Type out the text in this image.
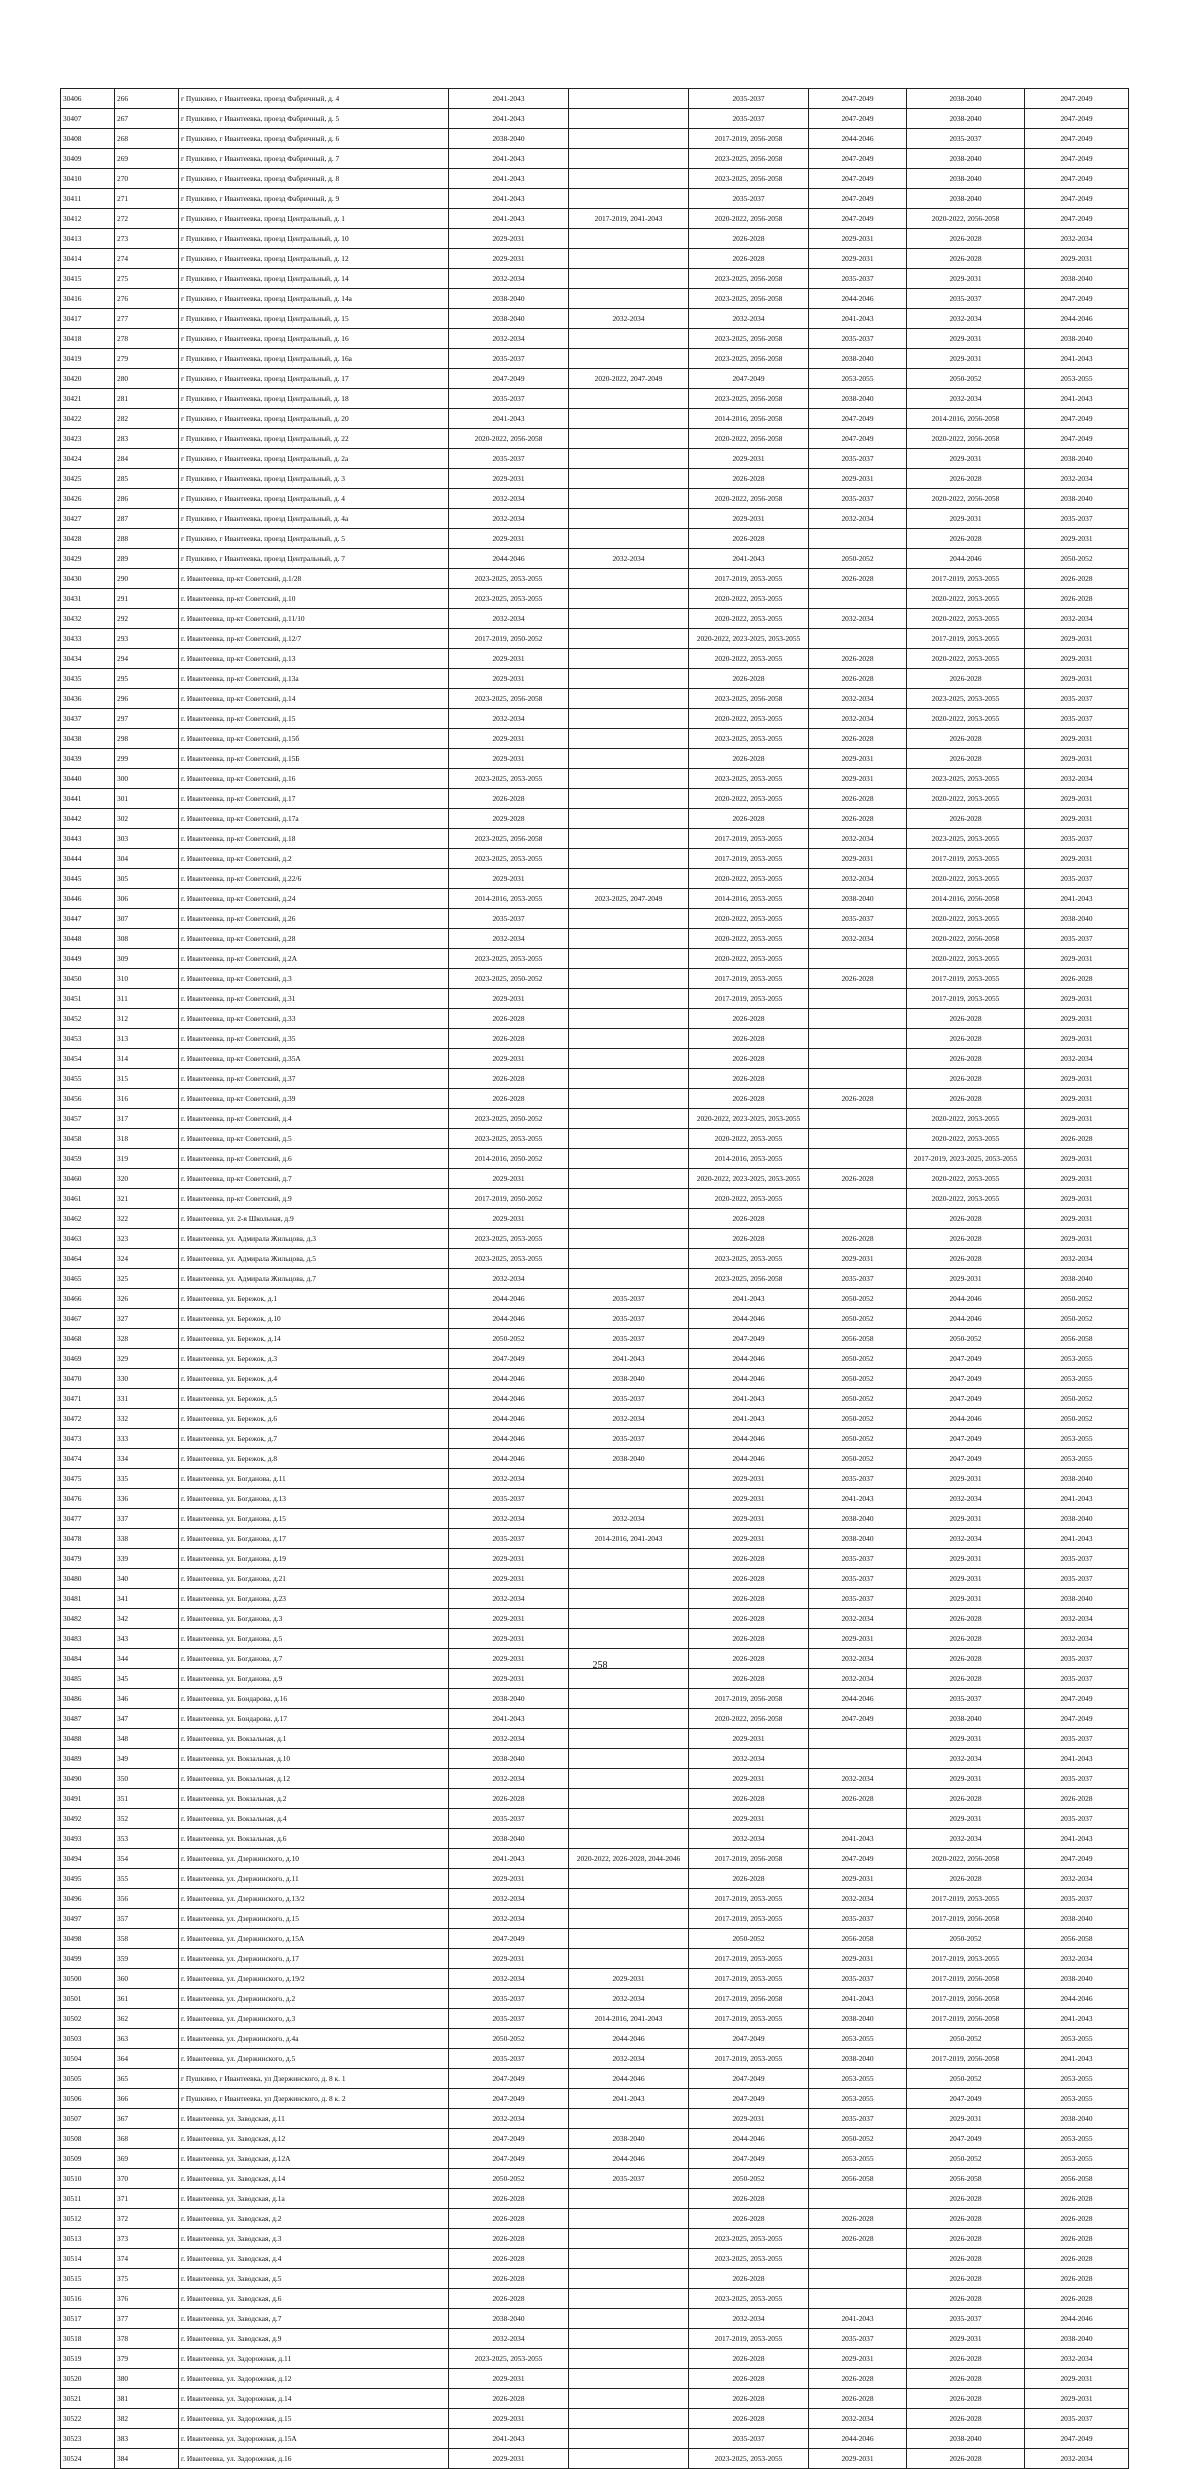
30406	266	г Пушкино, г Ивантеевка, проезд Фабричный, д. 4	2041-2043		2035-2037	2047-2049	2038-2040	2047-2049
30407	267	г Пушкино, г Ивантеевка, проезд Фабричный, д. 5	2041-2043		2035-2037	2047-2049	2038-2040	2047-2049
30408	268	г Пушкино, г Ивантеевка, проезд Фабричный, д. 6	2038-2040		2017-2019, 2056-2058	2044-2046	2035-2037	2047-2049
30409	269	г Пушкино, г Ивантеевка, проезд Фабричный, д. 7	2041-2043		2023-2025, 2056-2058	2047-2049	2038-2040	2047-2049
30410	270	г Пушкино, г Ивантеевка, проезд Фабричный, д. 8	2041-2043		2023-2025, 2056-2058	2047-2049	2038-2040	2047-2049
30411	271	г Пушкино, г Ивантеевка, проезд Фабричный, д. 9	2041-2043		2035-2037	2047-2049	2038-2040	2047-2049
30412	272	г Пушкино, г Ивантеевка, проезд Центральный, д. 1	2041-2043	2017-2019, 2041-2043	2020-2022, 2056-2058	2047-2049	2020-2022, 2056-2058	2047-2049
30413	273	г Пушкино, г Ивантеевка, проезд Центральный, д. 10	2029-2031		2026-2028	2029-2031	2026-2028	2032-2034
30414	274	г Пушкино, г Ивантеевка, проезд Центральный, д. 12	2029-2031		2026-2028	2029-2031	2026-2028	2029-2031
30415	275	г Пушкино, г Ивантеевка, проезд Центральный, д. 14	2032-2034		2023-2025, 2056-2058	2035-2037	2029-2031	2038-2040
30416	276	г Пушкино, г Ивантеевка, проезд Центральный, д. 14а	2038-2040		2023-2025, 2056-2058	2044-2046	2035-2037	2047-2049
30417	277	г Пушкино, г Ивантеевка, проезд Центральный, д. 15	2038-2040	2032-2034	2032-2034	2041-2043	2032-2034	2044-2046
30418	278	г Пушкино, г Ивантеевка, проезд Центральный, д. 16	2032-2034		2023-2025, 2056-2058	2035-2037	2029-2031	2038-2040
30419	279	г Пушкино, г Ивантеевка, проезд Центральный, д. 16а	2035-2037		2023-2025, 2056-2058	2038-2040	2029-2031	2041-2043
30420	280	г Пушкино, г Ивантеевка, проезд Центральный, д. 17	2047-2049	2020-2022, 2047-2049	2047-2049	2053-2055	2050-2052	2053-2055
30421	281	г Пушкино, г Ивантеевка, проезд Центральный, д. 18	2035-2037		2023-2025, 2056-2058	2038-2040	2032-2034	2041-2043
30422	282	г Пушкино, г Ивантеевка, проезд Центральный, д. 20	2041-2043		2014-2016, 2056-2058	2047-2049	2014-2016, 2056-2058	2047-2049
30423	283	г Пушкино, г Ивантеевка, проезд Центральный, д. 22	2020-2022, 2056-2058		2020-2022, 2056-2058	2047-2049	2020-2022, 2056-2058	2047-2049
30424	284	г Пушкино, г Ивантеевка, проезд Центральный, д. 2а	2035-2037		2029-2031	2035-2037	2029-2031	2038-2040
30425	285	г Пушкино, г Ивантеевка, проезд Центральный, д. 3	2029-2031		2026-2028	2029-2031	2026-2028	2032-2034
30426	286	г Пушкино, г Ивантеевка, проезд Центральный, д. 4	2032-2034		2020-2022, 2056-2058	2035-2037	2020-2022, 2056-2058	2038-2040
30427	287	г Пушкино, г Ивантеевка, проезд Центральный, д. 4а	2032-2034		2029-2031	2032-2034	2029-2031	2035-2037
30428	288	г Пушкино, г Ивантеевка, проезд Центральный, д. 5	2029-2031		2026-2028		2026-2028	2029-2031
30429	289	г Пушкино, г Ивантеевка, проезд Центральный, д. 7	2044-2046	2032-2034	2041-2043	2050-2052	2044-2046	2050-2052
30430	290	г. Ивантеевка, пр-кт Советский, д.1/28	2023-2025, 2053-2055		2017-2019, 2053-2055	2026-2028	2017-2019, 2053-2055	2026-2028
30431	291	г. Ивантеевка, пр-кт Советский, д.10	2023-2025, 2053-2055		2020-2022, 2053-2055		2020-2022, 2053-2055	2026-2028
30432	292	г. Ивантеевка, пр-кт Советский, д.11/10	2032-2034		2020-2022, 2053-2055	2032-2034	2020-2022, 2053-2055	2032-2034
30433	293	г. Ивантеевка, пр-кт Советский, д.12/7	2017-2019, 2050-2052		2020-2022, 2023-2025, 2053-2055		2017-2019, 2053-2055	2029-2031
30434	294	г. Ивантеевка, пр-кт Советский, д.13	2029-2031		2020-2022, 2053-2055	2026-2028	2020-2022, 2053-2055	2029-2031
30435	295	г. Ивантеевка, пр-кт Советский, д.13а	2029-2031		2026-2028	2026-2028	2026-2028	2029-2031
30436	296	г. Ивантеевка, пр-кт Советский, д.14	2023-2025, 2056-2058		2023-2025, 2056-2058	2032-2034	2023-2025, 2053-2055	2035-2037
30437	297	г. Ивантеевка, пр-кт Советский, д.15	2032-2034		2020-2022, 2053-2055	2032-2034	2020-2022, 2053-2055	2035-2037
30438	298	г. Ивантеевка, пр-кт Советский, д.15б	2029-2031		2023-2025, 2053-2055	2026-2028	2026-2028	2029-2031
30439	299	г. Ивантеевка, пр-кт Советский, д.15Б	2029-2031		2026-2028	2029-2031	2026-2028	2029-2031
30440	300	г. Ивантеевка, пр-кт Советский, д.16	2023-2025, 2053-2055		2023-2025, 2053-2055	2029-2031	2023-2025, 2053-2055	2032-2034
30441	301	г. Ивантеевка, пр-кт Советский, д.17	2026-2028		2020-2022, 2053-2055	2026-2028	2020-2022, 2053-2055	2029-2031
30442	302	г. Ивантеевка, пр-кт Советский, д.17а	2029-2028		2026-2028	2026-2028	2026-2028	2029-2031
30443	303	г. Ивантеевка, пр-кт Советский, д.18	2023-2025, 2056-2058		2017-2019, 2053-2055	2032-2034	2023-2025, 2053-2055	2035-2037
30444	304	г. Ивантеевка, пр-кт Советский, д.2	2023-2025, 2053-2055		2017-2019, 2053-2055	2029-2031	2017-2019, 2053-2055	2029-2031
30445	305	г. Ивантеевка, пр-кт Советский, д.22/6	2029-2031		2020-2022, 2053-2055	2032-2034	2020-2022, 2053-2055	2035-2037
30446	306	г. Ивантеевка, пр-кт Советский, д.24	2014-2016, 2053-2055	2023-2025, 2047-2049	2014-2016, 2053-2055	2038-2040	2014-2016, 2056-2058	2041-2043
30447	307	г. Ивантеевка, пр-кт Советский, д.26	2035-2037		2020-2022, 2053-2055	2035-2037	2020-2022, 2053-2055	2038-2040
30448	308	г. Ивантеевка, пр-кт Советский, д.28	2032-2034		2020-2022, 2053-2055	2032-2034	2020-2022, 2056-2058	2035-2037
30449	309	г. Ивантеевка, пр-кт Советский, д.2А	2023-2025, 2053-2055		2020-2022, 2053-2055		2020-2022, 2053-2055	2029-2031
30450	310	г. Ивантеевка, пр-кт Советский, д.3	2023-2025, 2050-2052		2017-2019, 2053-2055	2026-2028	2017-2019, 2053-2055	2026-2028
30451	311	г. Ивантеевка, пр-кт Советский, д.31	2029-2031		2017-2019, 2053-2055		2017-2019, 2053-2055	2029-2031
30452	312	г. Ивантеевка, пр-кт Советский, д.33	2026-2028		2026-2028		2026-2028	2029-2031
30453	313	г. Ивантеевка, пр-кт Советский, д.35	2026-2028		2026-2028		2026-2028	2029-2031
30454	314	г. Ивантеевка, пр-кт Советский, д.35А	2029-2031		2026-2028		2026-2028	2032-2034
30455	315	г. Ивантеевка, пр-кт Советский, д.37	2026-2028		2026-2028		2026-2028	2029-2031
30456	316	г. Ивантеевка, пр-кт Советский, д.39	2026-2028		2026-2028	2026-2028	2026-2028	2029-2031
30457	317	г. Ивантеевка, пр-кт Советский, д.4	2023-2025, 2050-2052		2020-2022, 2023-2025, 2053-2055		2020-2022, 2053-2055	2029-2031
30458	318	г. Ивантеевка, пр-кт Советский, д.5	2023-2025, 2053-2055		2020-2022, 2053-2055		2020-2022, 2053-2055	2026-2028
30459	319	г. Ивантеевка, пр-кт Советский, д.6	2014-2016, 2050-2052		2014-2016, 2053-2055		2017-2019, 2023-2025, 2053-2055	2029-2031
30460	320	г. Ивантеевка, пр-кт Советский, д.7	2029-2031		2020-2022, 2023-2025, 2053-2055	2026-2028	2020-2022, 2053-2055	2029-2031
30461	321	г. Ивантеевка, пр-кт Советский, д.9	2017-2019, 2050-2052		2020-2022, 2053-2055		2020-2022, 2053-2055	2029-2031
30462	322	г. Ивантеевка, ул. 2-я Школьная, д.9	2029-2031		2026-2028		2026-2028	2029-2031
30463	323	г. Ивантеевка, ул. Адмирала Жильцова, д.3	2023-2025, 2053-2055		2026-2028	2026-2028	2026-2028	2029-2031
30464	324	г. Ивантеевка, ул. Адмирала Жильцова, д.5	2023-2025, 2053-2055		2023-2025, 2053-2055	2029-2031	2026-2028	2032-2034
30465	325	г. Ивантеевка, ул. Адмирала Жильцова, д.7	2032-2034		2023-2025, 2056-2058	2035-2037	2029-2031	2038-2040
30466	326	г. Ивантеевка, ул. Бережок, д.1	2044-2046	2035-2037	2041-2043	2050-2052	2044-2046	2050-2052
30467	327	г. Ивантеевка, ул. Бережок, д.10	2044-2046	2035-2037	2044-2046	2050-2052	2044-2046	2050-2052
30468	328	г. Ивантеевка, ул. Бережок, д.14	2050-2052	2035-2037	2047-2049	2056-2058	2050-2052	2056-2058
30469	329	г. Ивантеевка, ул. Бережок, д.3	2047-2049	2041-2043	2044-2046	2050-2052	2047-2049	2053-2055
30470	330	г. Ивантеевка, ул. Бережок, д.4	2044-2046	2038-2040	2044-2046	2050-2052	2047-2049	2053-2055
30471	331	г. Ивантеевка, ул. Бережок, д.5	2044-2046	2035-2037	2041-2043	2050-2052	2047-2049	2050-2052
30472	332	г. Ивантеевка, ул. Бережок, д.6	2044-2046	2032-2034	2041-2043	2050-2052	2044-2046	2050-2052
30473	333	г. Ивантеевка, ул. Бережок, д.7	2044-2046	2035-2037	2044-2046	2050-2052	2047-2049	2053-2055
30474	334	г. Ивантеевка, ул. Бережок, д.8	2044-2046	2038-2040	2044-2046	2050-2052	2047-2049	2053-2055
30475	335	г. Ивантеевка, ул. Богданова, д.11	2032-2034		2029-2031	2035-2037	2029-2031	2038-2040
30476	336	г. Ивантеевка, ул. Богданова, д.13	2035-2037		2029-2031	2041-2043	2032-2034	2041-2043
30477	337	г. Ивантеевка, ул. Богданова, д.15	2032-2034	2032-2034	2029-2031	2038-2040	2029-2031	2038-2040
30478	338	г. Ивантеевка, ул. Богданова, д.17	2035-2037	2014-2016, 2041-2043	2029-2031	2038-2040	2032-2034	2041-2043
30479	339	г. Ивантеевка, ул. Богданова, д.19	2029-2031		2026-2028	2035-2037	2029-2031	2035-2037
30480	340	г. Ивантеевка, ул. Богданова, д.21	2029-2031		2026-2028	2035-2037	2029-2031	2035-2037
30481	341	г. Ивантеевка, ул. Богданова, д.23	2032-2034		2026-2028	2035-2037	2029-2031	2038-2040
30482	342	г. Ивантеевка, ул. Богданова, д.3	2029-2031		2026-2028	2032-2034	2026-2028	2032-2034
30483	343	г. Ивантеевка, ул. Богданова, д.5	2029-2031		2026-2028	2029-2031	2026-2028	2032-2034
30484	344	г. Ивантеевка, ул. Богданова, д.7	2029-2031		2026-2028	2032-2034	2026-2028	2035-2037
30485	345	г. Ивантеевка, ул. Богданова, д.9	2029-2031		2026-2028	2032-2034	2026-2028	2035-2037
30486	346	г. Ивантеевка, ул. Бондарова, д.16	2038-2040		2017-2019, 2056-2058	2044-2046	2035-2037	2047-2049
30487	347	г. Ивантеевка, ул. Бондарова, д.17	2041-2043		2020-2022, 2056-2058	2047-2049	2038-2040	2047-2049
30488	348	г. Ивантеевка, ул. Вокзальная, д.1	2032-2034		2029-2031		2029-2031	2035-2037
30489	349	г. Ивантеевка, ул. Вокзальная, д.10	2038-2040		2032-2034		2032-2034	2041-2043
30490	350	г. Ивантеевка, ул. Вокзальная, д.12	2032-2034		2029-2031	2032-2034	2029-2031	2035-2037
30491	351	г. Ивантеевка, ул. Вокзальная, д.2	2026-2028		2026-2028	2026-2028	2026-2028	2026-2028
30492	352	г. Ивантеевка, ул. Вокзальная, д.4	2035-2037		2029-2031		2029-2031	2035-2037
30493	353	г. Ивантеевка, ул. Вокзальная, д.6	2038-2040		2032-2034	2041-2043	2032-2034	2041-2043
30494	354	г. Ивантеевка, ул. Дзержинского, д.10	2041-2043	2020-2022, 2026-2028, 2044-2046	2017-2019, 2056-2058	2047-2049	2020-2022, 2056-2058	2047-2049
30495	355	г. Ивантеевка, ул. Дзержинского, д.11	2029-2031		2026-2028	2029-2031	2026-2028	2032-2034
30496	356	г. Ивантеевка, ул. Дзержинского, д.13/2	2032-2034		2017-2019, 2053-2055	2032-2034	2017-2019, 2053-2055	2035-2037
30497	357	г. Ивантеевка, ул. Дзержинского, д.15	2032-2034		2017-2019, 2053-2055	2035-2037	2017-2019, 2056-2058	2038-2040
30498	358	г. Ивантеевка, ул. Дзержинского, д.15А	2047-2049		2050-2052	2056-2058	2050-2052	2056-2058
30499	359	г. Ивантеевка, ул. Дзержинского, д.17	2029-2031		2017-2019, 2053-2055	2029-2031	2017-2019, 2053-2055	2032-2034
30500	360	г. Ивантеевка, ул. Дзержинского, д.19/2	2032-2034	2029-2031	2017-2019, 2053-2055	2035-2037	2017-2019, 2056-2058	2038-2040
30501	361	г. Ивантеевка, ул. Дзержинского, д.2	2035-2037	2032-2034	2017-2019, 2056-2058	2041-2043	2017-2019, 2056-2058	2044-2046
30502	362	г. Ивантеевка, ул. Дзержинского, д.3	2035-2037	2014-2016, 2041-2043	2017-2019, 2053-2055	2038-2040	2017-2019, 2056-2058	2041-2043
30503	363	г. Ивантеевка, ул. Дзержинского, д.4а	2050-2052	2044-2046	2047-2049	2053-2055	2050-2052	2053-2055
30504	364	г. Ивантеевка, ул. Дзержинского, д.5	2035-2037	2032-2034	2017-2019, 2053-2055	2038-2040	2017-2019, 2056-2058	2041-2043
30505	365	г Пушкино, г Ивантеевка, ул Дзержинского, д. 8 к. 1	2047-2049	2044-2046	2047-2049	2053-2055	2050-2052	2053-2055
30506	366	г Пушкино, г Ивантеевка, ул Дзержинского, д. 8 к. 2	2047-2049	2041-2043	2047-2049	2053-2055	2047-2049	2053-2055
30507	367	г. Ивантеевка, ул. Заводская, д.11	2032-2034		2029-2031	2035-2037	2029-2031	2038-2040
30508	368	г. Ивантеевка, ул. Заводская, д.12	2047-2049	2038-2040	2044-2046	2050-2052	2047-2049	2053-2055
30509	369	г. Ивантеевка, ул. Заводская, д.12А	2047-2049	2044-2046	2047-2049	2053-2055	2050-2052	2053-2055
30510	370	г. Ивантеевка, ул. Заводская, д.14	2050-2052	2035-2037	2050-2052	2056-2058	2056-2058	2056-2058
30511	371	г. Ивантеевка, ул. Заводская, д.1а	2026-2028		2026-2028		2026-2028	2026-2028
30512	372	г. Ивантеевка, ул. Заводская, д.2	2026-2028		2026-2028	2026-2028	2026-2028	2026-2028
30513	373	г. Ивантеевка, ул. Заводская, д.3	2026-2028		2023-2025, 2053-2055	2026-2028	2026-2028	2026-2028
30514	374	г. Ивантеевка, ул. Заводская, д.4	2026-2028		2023-2025, 2053-2055		2026-2028	2026-2028
30515	375	г. Ивантеевка, ул. Заводская, д.5	2026-2028		2026-2028		2026-2028	2026-2028
30516	376	г. Ивантеевка, ул. Заводская, д.6	2026-2028		2023-2025, 2053-2055		2026-2028	2026-2028
30517	377	г. Ивантеевка, ул. Заводская, д.7	2038-2040		2032-2034	2041-2043	2035-2037	2044-2046
30518	378	г. Ивантеевка, ул. Заводская, д.9	2032-2034		2017-2019, 2053-2055	2035-2037	2029-2031	2038-2040
30519	379	г. Ивантеевка, ул. Задорожная, д.11	2023-2025, 2053-2055		2026-2028	2029-2031	2026-2028	2032-2034
30520	380	г. Ивантеевка, ул. Задорожная, д.12	2029-2031		2026-2028	2026-2028	2026-2028	2029-2031
30521	381	г. Ивантеевка, ул. Задорожная, д.14	2026-2028		2026-2028	2026-2028	2026-2028	2029-2031
30522	382	г. Ивантеевка, ул. Задорожная, д.15	2029-2031		2026-2028	2032-2034	2026-2028	2035-2037
30523	383	г. Ивантеевка, ул. Задорожная, д.15А	2041-2043		2035-2037	2044-2046	2038-2040	2047-2049
30524	384	г. Ивантеевка, ул. Задорожная, д.16	2029-2031		2023-2025, 2053-2055	2029-2031	2026-2028	2032-2034
258
